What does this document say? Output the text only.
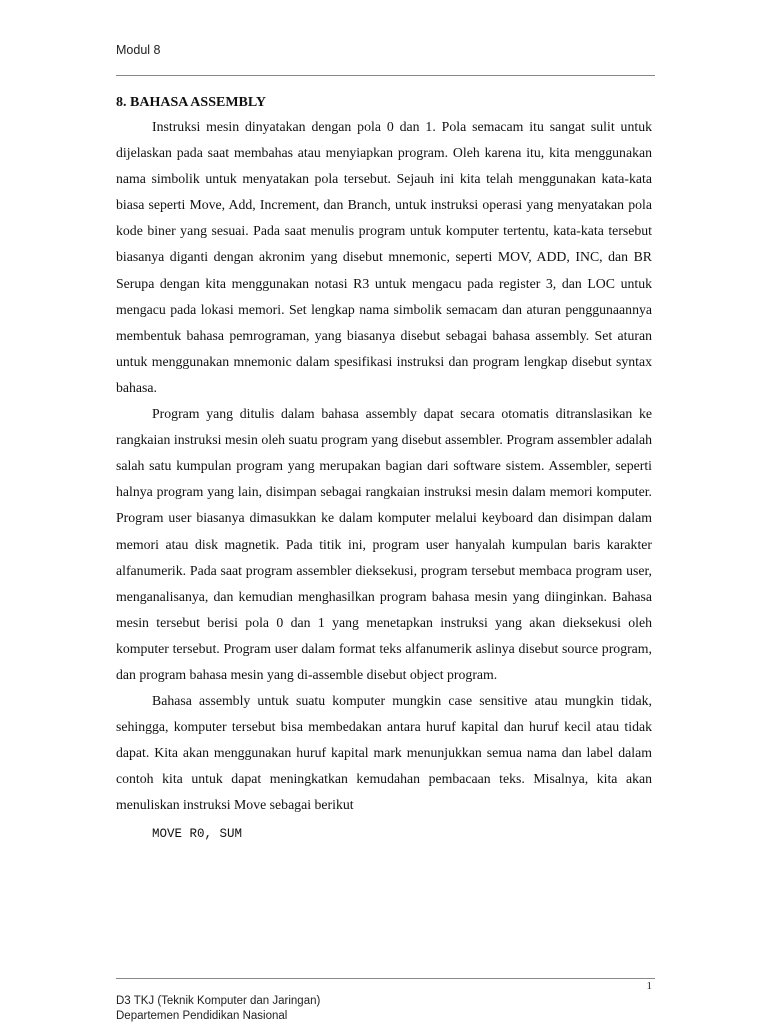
Modul 8
8. BAHASA ASSEMBLY

Instruksi mesin dinyatakan dengan pola 0 dan 1. Pola semacam itu sangat sulit untuk dijelaskan pada saat membahas atau menyiapkan program. Oleh karena itu, kita menggunakan nama simbolik untuk menyatakan pola tersebut. Sejauh ini kita telah menggunakan kata-kata biasa seperti Move, Add, Increment, dan Branch, untuk instruksi operasi yang menyatakan pola kode biner yang sesuai. Pada saat menulis program untuk komputer tertentu, kata-kata tersebut biasanya diganti dengan akronim yang disebut mnemonic, seperti MOV, ADD, INC, dan BR Serupa dengan kita menggunakan notasi R3 untuk mengacu pada register 3, dan LOC untuk mengacu pada lokasi memori. Set lengkap nama simbolik semacam dan aturan penggunaannya membentuk bahasa pemrograman, yang biasanya disebut sebagai bahasa assembly. Set aturan untuk menggunakan mnemonic dalam spesifikasi instruksi dan program lengkap disebut syntax bahasa.

Program yang ditulis dalam bahasa assembly dapat secara otomatis ditranslasikan ke rangkaian instruksi mesin oleh suatu program yang disebut assembler. Program assembler adalah salah satu kumpulan program yang merupakan bagian dari software sistem. Assembler, seperti halnya program yang lain, disimpan sebagai rangkaian instruksi mesin dalam memori komputer. Program user biasanya dimasukkan ke dalam komputer melalui keyboard dan disimpan dalam memori atau disk magnetik. Pada titik ini, program user hanyalah kumpulan baris karakter alfanumerik. Pada saat program assembler dieksekusi, program tersebut membaca program user, menganalisanya, dan kemudian menghasilkan program bahasa mesin yang diinginkan. Bahasa mesin tersebut berisi pola 0 dan 1 yang menetapkan instruksi yang akan dieksekusi oleh komputer tersebut. Program user dalam format teks alfanumerik aslinya disebut source program, dan program bahasa mesin yang di-assemble disebut object program.

Bahasa assembly untuk suatu komputer mungkin case sensitive atau mungkin tidak, sehingga, komputer tersebut bisa membedakan antara huruf kapital dan huruf kecil atau tidak dapat. Kita akan menggunakan huruf kapital mark menunjukkan semua nama dan label dalam contoh kita untuk dapat meningkatkan kemudahan pembacaan teks. Misalnya, kita akan menuliskan instruksi Move sebagai berikut

MOVE R0, SUM
1
D3 TKJ (Teknik Komputer dan Jaringan)
Departemen Pendidikan Nasional
